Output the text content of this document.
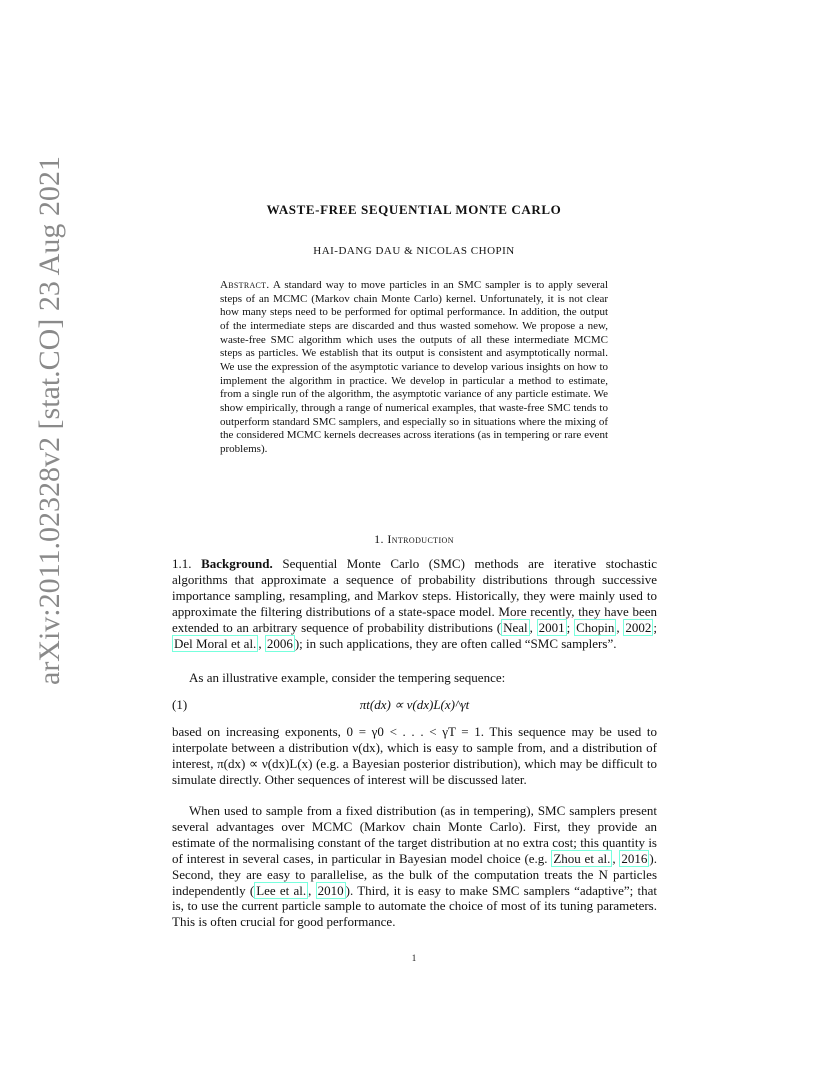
arXiv:2011.02328v2 [stat.CO] 23 Aug 2021	WASTE-FREE SEQUENTIAL MONTE CARLO
HAI-DANG DAU & NICOLAS CHOPIN

Abstract. A standard way to move particles in an SMC sampler is to apply several steps of an MCMC (Markov chain Monte Carlo) kernel. Unfortunately, it is not clear how many steps need to be performed for optimal performance. In addition, the output of the intermediate steps are discarded and thus wasted somehow. We propose a new, waste-free SMC algorithm which uses the outputs of all these intermediate MCMC steps as particles. We establish that its output is consistent and asymptotically normal. We use the expression of the asymptotic variance to develop various insights on how to implement the algorithm in practice. We develop in particular a method to estimate, from a single run of the algorithm, the asymptotic variance of any particle estimate. We show empirically, through a range of numerical examples, that waste-free SMC tends to outperform standard SMC samplers, and especially so in situations where the mixing of the considered MCMC kernels decreases across iterations (as in tempering or rare event problems).

1. Introduction

1.1. Background. Sequential Monte Carlo (SMC) methods are iterative stochastic algorithms that approximate a sequence of probability distributions through successive importance sampling, resampling, and Markov steps. Historically, they were mainly used to approximate the filtering distributions of a state-space model. More recently, they have been extended to an arbitrary sequence of probability distributions ( Neal , 2001 ; Chopin , 2002 ; Del Moral et al. , 2006 ); in such applications, they are often called “SMC samplers”.

As an illustrative example, consider the tempering sequence:

(1)	πt(dx) ∝ ν(dx)L(x)^γt

based on increasing exponents, 0 = γ0 < . . . < γT = 1. This sequence may be used to interpolate between a distribution ν(dx), which is easy to sample from, and a distribution of interest, π(dx) ∝ ν(dx)L(x) (e.g. a Bayesian posterior distribution), which may be difficult to simulate directly. Other sequences of interest will be discussed later.

When used to sample from a fixed distribution (as in tempering), SMC samplers present several advantages over MCMC (Markov chain Monte Carlo). First, they provide an estimate of the normalising constant of the target distribution at no extra cost; this quantity is of interest in several cases, in particular in Bayesian model choice (e.g. Zhou et al. , 2016 ). Second, they are easy to parallelise, as the bulk of the computation treats the N particles independently ( Lee et al. , 2010 ). Third, it is easy to make SMC samplers “adaptive”; that is, to use the current particle sample to automate the choice of most of its tuning parameters. This is often crucial for good performance.

1
